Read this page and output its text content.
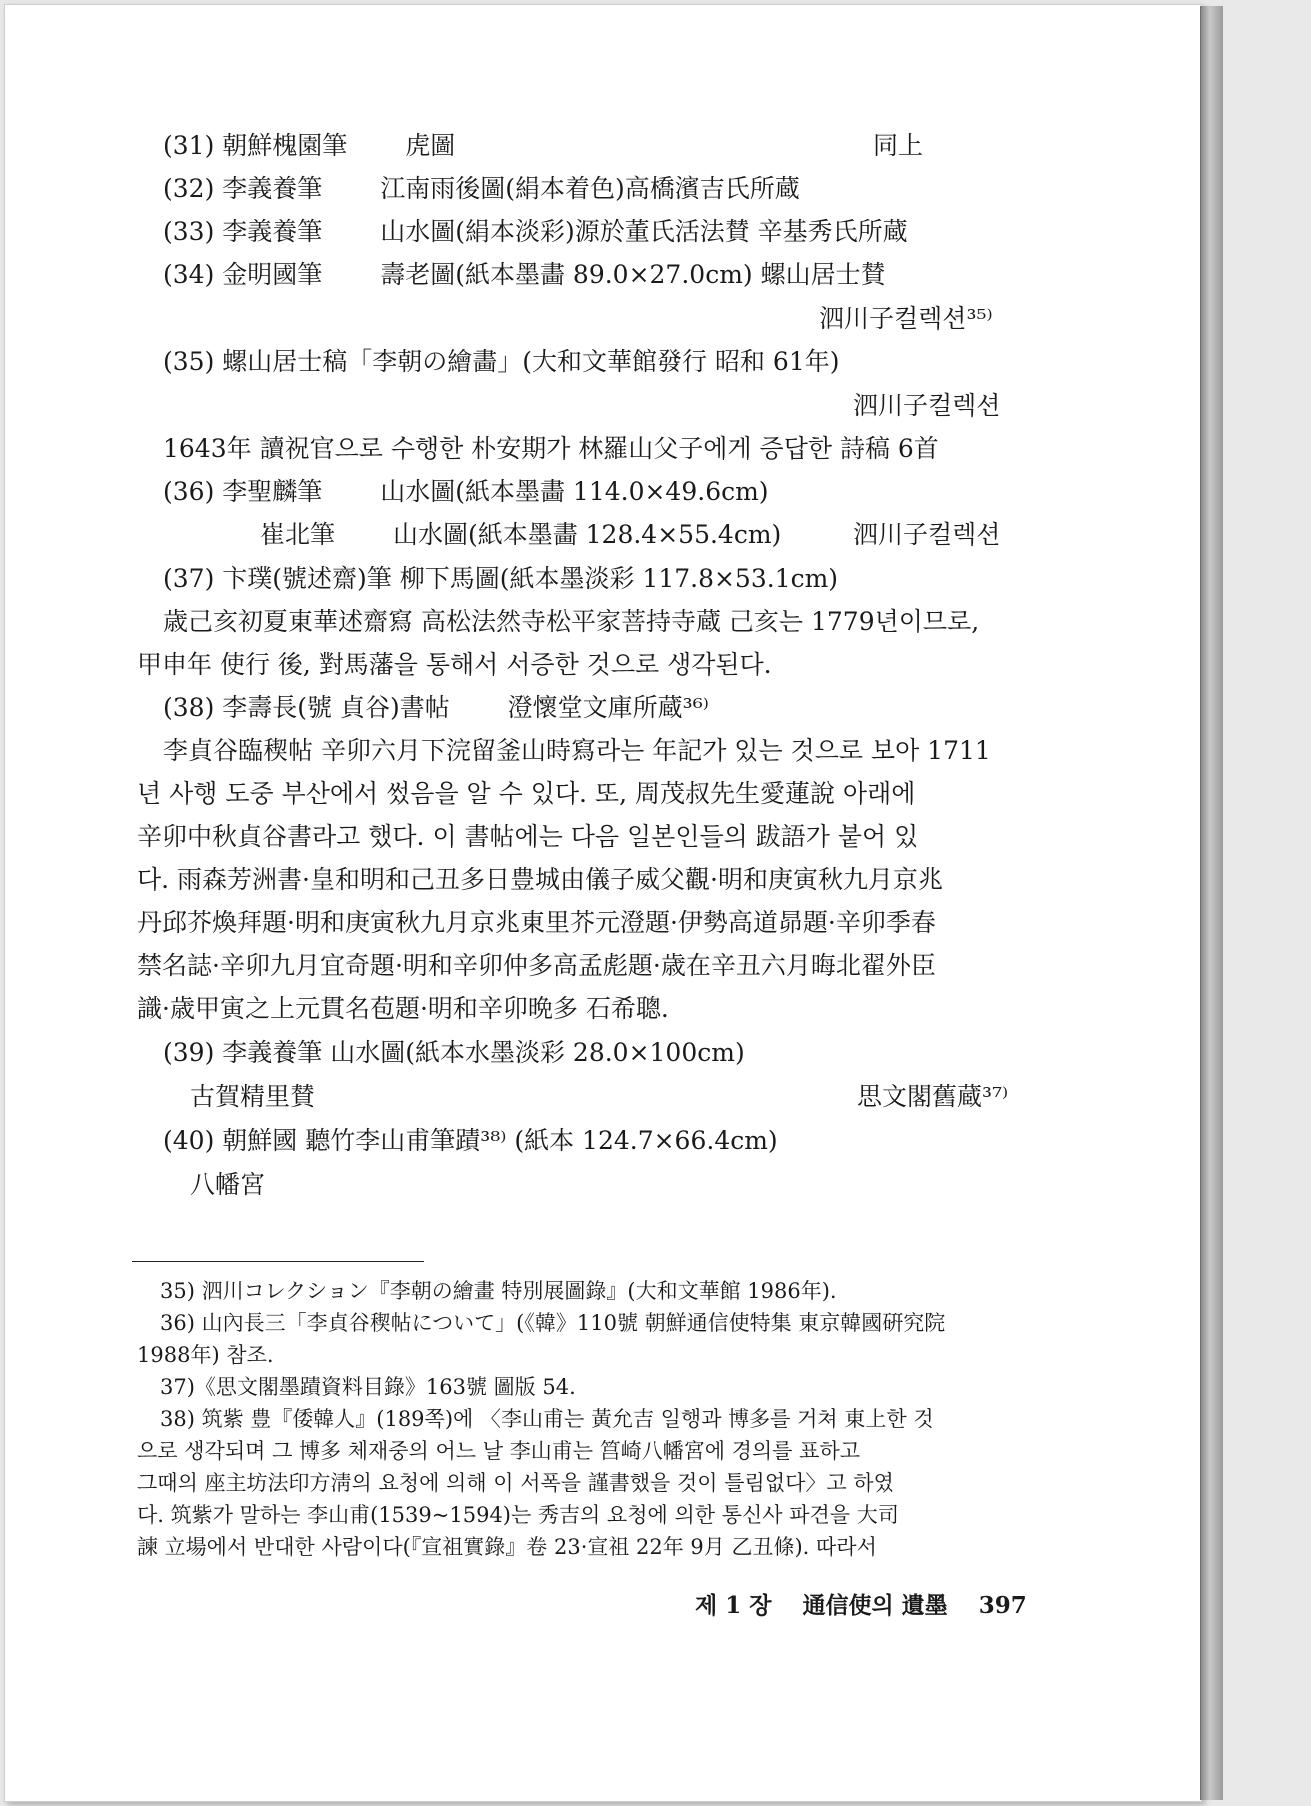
(31) 朝鮮槐園筆 　　虎圖	同上
(32) 李義養筆 　　江南雨後圖(絹本着色)高橋濱吉氏所蔵
(33) 李義養筆 　　山水圖(絹本淡彩)源於董氏活法賛 辛基秀氏所蔵
(34) 金明國筆 　　壽老圖(紙本墨畵 89.0×27.0cm) 螺山居士賛
泗川子컬렉션³⁵⁾
(35) 螺山居士稿「李朝の繪畵」(大和文華館發行 昭和 61年)
泗川子컬렉션
1643年 讀祝官으로 수행한 朴安期가 林羅山父子에게 증답한 詩稿 6首
(36) 李聖麟筆 　　山水圖(紙本墨畵 114.0×49.6cm)
崔北筆 　　山水圖(紙本墨畵 128.4×55.4cm)	泗川子컬렉션
(37) 卞璞(號述齋)筆 柳下馬圖(紙本墨淡彩 117.8×53.1cm)
歳己亥初夏東華述齋寫 高松法然寺松平家菩持寺蔵 己亥는 1779년이므로,
甲申年 使行 後, 對馬藩을 통해서 서증한 것으로 생각된다.
(38) 李壽長(號 貞谷)書帖 　　澄懷堂文庫所蔵³⁶⁾
李貞谷臨稧帖 辛卯六月下浣留釜山時寫라는 年記가 있는 것으로 보아 1711
년 사행 도중 부산에서 썼음을 알 수 있다. 또, 周茂叔先生愛蓮說 아래에
辛卯中秋貞谷書라고 했다. 이 書帖에는 다음 일본인들의 跋語가 붙어 있
다. 雨森芳洲書·皇和明和己丑多日豊城由儀子威父觀·明和庚寅秋九月京兆
丹邱芥煥拜題·明和庚寅秋九月京兆東里芥元澄題·伊勢高道昴題·辛卯季春
禁名誌·辛卯九月宜奇題·明和辛卯仲多高孟彪題·歳在辛丑六月晦北翟外臣
識·歳甲寅之上元貫名苞題·明和辛卯晩多 石希聰.
(39) 李義養筆 山水圖(紙本水墨淡彩 28.0×100cm)
古賀精里賛	思文閣舊蔵³⁷⁾
(40) 朝鮮國 聽竹李山甫筆蹟³⁸⁾ (紙本 124.7×66.4cm)
八幡宮
35) 泗川コレクション『李朝の繪畫 特別展圖錄』(大和文華館 1986年).
36) 山內長三「李貞谷稧帖について」(《韓》110號 朝鮮通信使特集 東京韓國硏究院
1988年) 참조.
37)《思文閣墨蹟資料目錄》163號 圖版 54.
38) 筑紫 豊『倭韓人』(189쪽)에 〈李山甫는 黃允吉 일행과 博多를 거쳐 東上한 것
으로 생각되며 그 博多 체재중의 어느 날 李山甫는 筥崎八幡宮에 경의를 표하고
그때의 座主坊法印方淸의 요청에 의해 이 서폭을 謹書했을 것이 틀림없다〉고 하였
다. 筑紫가 말하는 李山甫(1539~1594)는 秀吉의 요청에 의한 통신사 파견을 大司
諫 立場에서 반대한 사람이다(『宣祖實錄』卷 23·宣祖 22年 9月 乙丑條). 따라서
제 1 장 　通信使의 遺墨 　397
